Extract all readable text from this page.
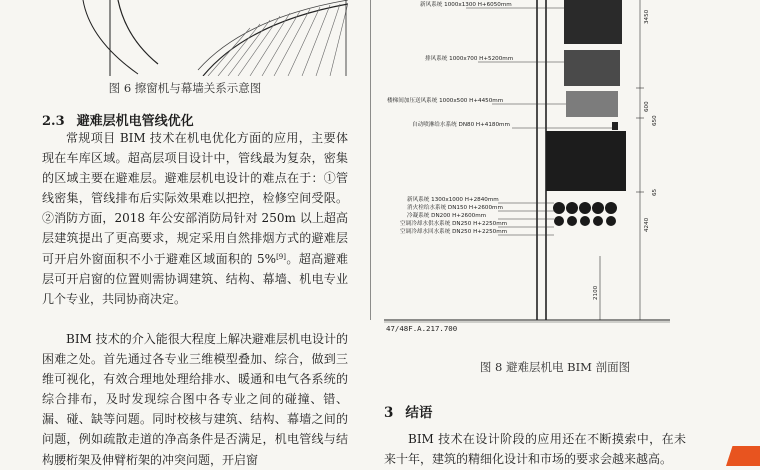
图 6 擦窗机与幕墙关系示意图
2.3 避难层机电管线优化
常规项目 BIM 技术在机电优化方面的应用，主要体现在车库区域。超高层项目设计中，管线最为复杂，密集的区域主要在避难层。避难层机电设计的难点在于：①管线密集，管线排布后实际效果难以把控，检修空间受限。②消防方面，2018 年公安部消防局针对 250m 以上超高层建筑提出了更高要求，规定采用自然排烟方式的避难层可开启外窗面积不小于避难区域面积的 5%[9]。超高避难层可开启窗的位置则需协调建筑、结构、幕墙、机电专业几个专业，共同协商决定。
BIM 技术的介入能很大程度上解决避难层机电设计的困难之处。首先通过各专业三维模型叠加、综合，做到三维可视化，有效合理地处理给排水、暖通和电气各系统的综合排布，及时发现综合图中各专业之间的碰撞、错、漏、碰、缺等问题。同时校核与建筑、结构、幕墙之间的问题，例如疏散走道的净高条件是否满足，机电管线与结构腰桁架及伸臂桁架的冲突问题，开启窗
新风系统 1000x1300 H+6050mm
排风系统 1000x700 H+5200mm
楼梯间加压送风系统 1000x500 H+4450mm
自动喷淋给水系统 DN80 H+4180mm
新风系统 1300x1000 H+2840mm
消火栓给水系统 DN150 H+2600mm
冷凝系统 DN200 H+2600mm
空调冷却水供水系统 DN250 H+2250mm
空调冷却水回水系统 DN250 H+2250mm
3450
600
650
4240
2100
65
47/48F.A.217.700
图 8 避难层机电 BIM 剖面图
3 结语
BIM 技术在设计阶段的应用还在不断摸索中，在未来十年，建筑的精细化设计和市场的要求会越来越高。
